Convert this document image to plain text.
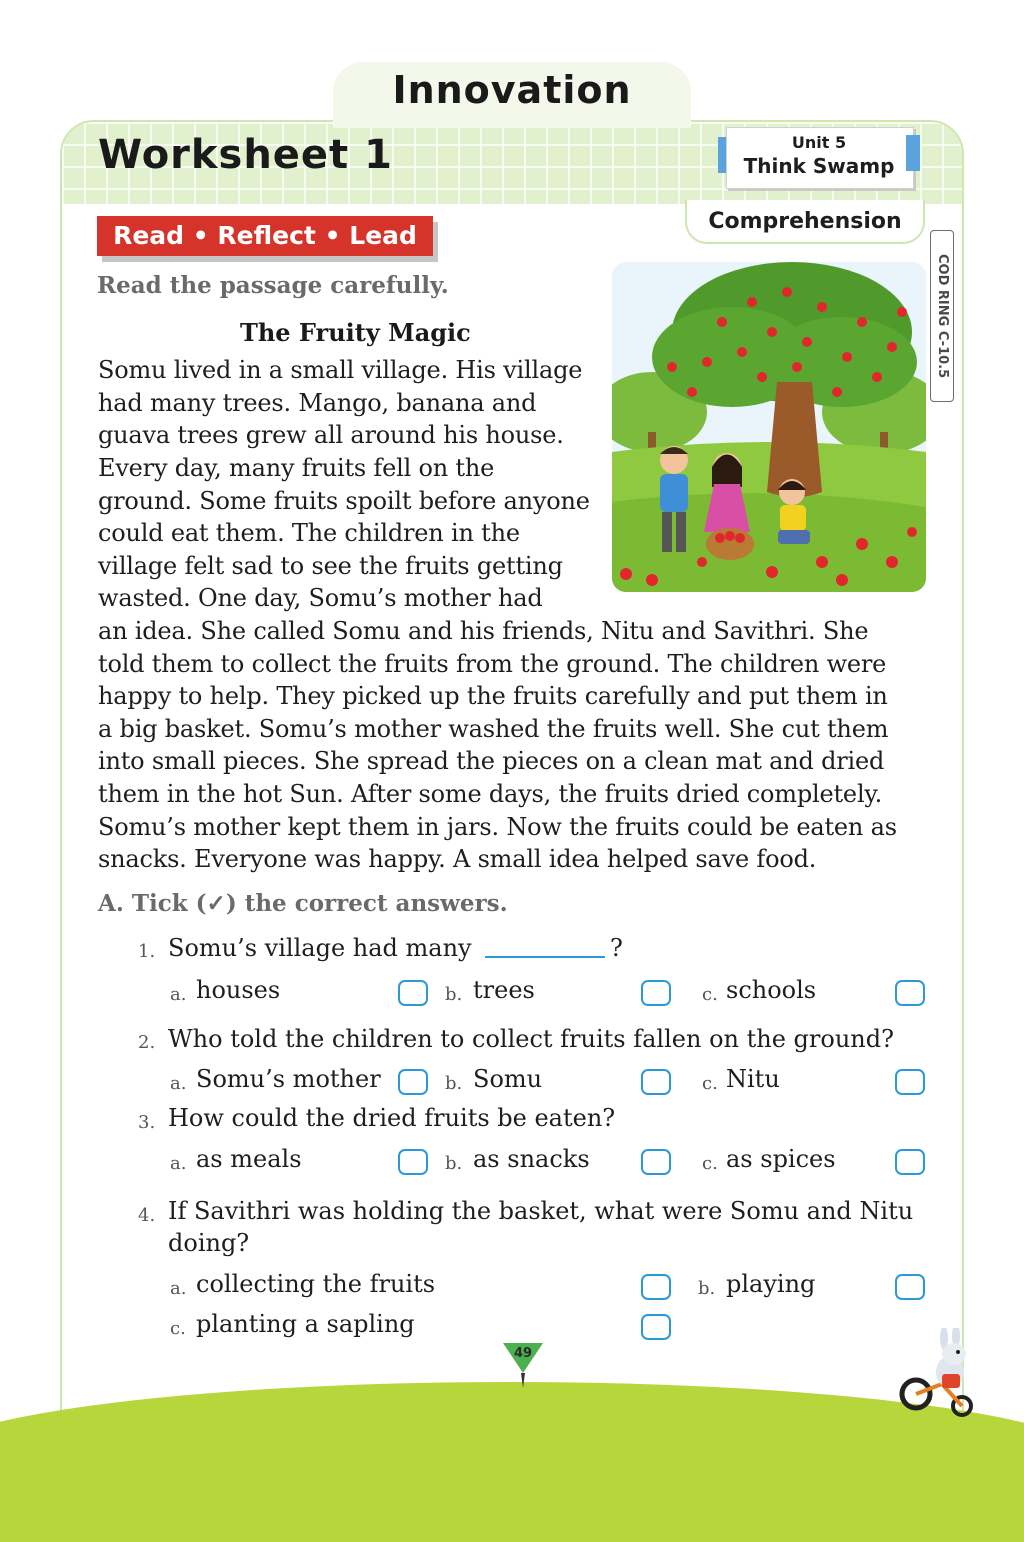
Innovation
Worksheet 1	Unit 5
Think Swamp
Comprehension
COD RING C-10.5
Read • Reflect • Lead
Read the passage carefully.
The Fruity Magic
Somu lived in a small village. His village
had many trees. Mango, banana and
guava trees grew all around his house.
Every day, many fruits fell on the
ground. Some fruits spoilt before anyone
could eat them. The children in the
village felt sad to see the fruits getting
wasted. One day, Somu’s mother had
an idea. She called Somu and his friends, Nitu and Savithri. She
told them to collect the fruits from the ground. The children were
happy to help. They picked up the fruits carefully and put them in
a big basket. Somu’s mother washed the fruits well. She cut them
into small pieces. She spread the pieces on a clean mat and dried
them in the hot Sun. After some days, the fruits dried completely.
Somu’s mother kept them in jars. Now the fruits could be eaten as
snacks. Everyone was happy. A small idea helped save food.
A. Tick (✓) the correct answers.
1. Somu’s village had many	?
a. houses	b. trees	c. schools
2. Who told the children to collect fruits fallen on the ground?
a. Somu’s mother	b. Somu	c. Nitu
3. How could the dried fruits be eaten?
a. as meals	b. as snacks	c. as spices
4. If Savithri was holding the basket, what were Somu and Nitu
doing?
a. collecting the fruits	b. playing
c. planting a sapling
49
